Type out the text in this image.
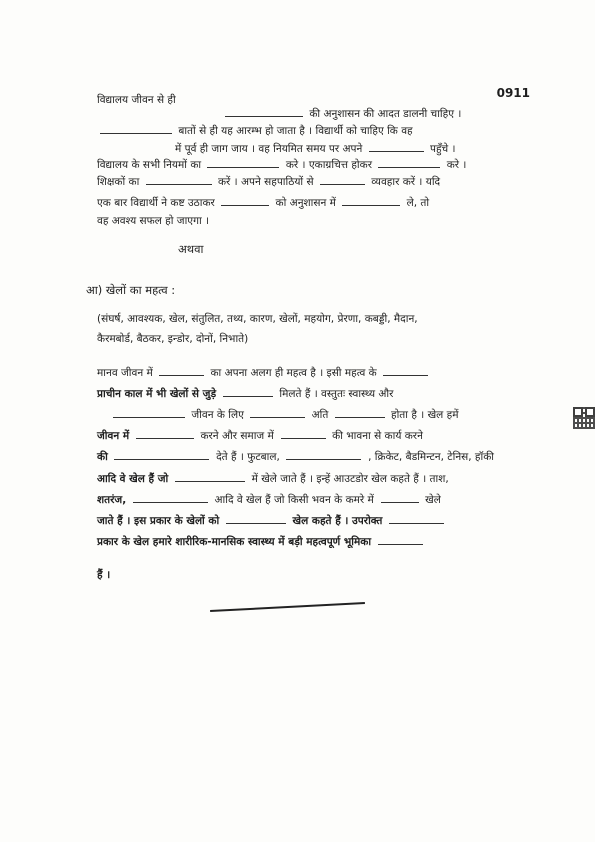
0911
विद्यालय जीवन से ही
की अनुशासन की आदत डालनी चाहिए ।
बातों से ही यह आरम्भ हो जाता है । विद्यार्थी को चाहिए कि वह
में पूर्व ही जाग जाय । वह नियमित समय पर अपने	पहुँचे ।
विद्यालय के सभी नियमों का	करे । एकाग्रचित्त होकर	करे ।
शिक्षकों का	करें । अपने सहपाठियों से	व्यवहार करें । यदि
एक बार विद्यार्थी ने कष्ट उठाकर	को अनुशासन में	ले, तो
वह अवश्य सफल हो जाएगा ।
अथवा
आ) खेलों का महत्व :
(संघर्ष, आवश्यक, खेल, संतुलित, तथ्य, कारण, खेलों, महयोग, प्रेरणा, कबड्डी, मैदान,
कैरमबोर्ड, बैठकर, इन्डोर, दोनों, निभाते)
मानव जीवन में	का अपना अलग ही महत्व है । इसी महत्व के
प्राचीन काल में भी खेलों से जुड़े	मिलते हैं । वस्तुतः स्वास्थ्य और
जीवन के लिए	अति	होता है । खेल हमें
जीवन में	करने और समाज में	की भावना से कार्य करने
की	देते हैं । फुटबाल,	, क्रिकेट, बैडमिन्टन, टेनिस, हॉकी
आदि वे खेल हैं जो	में खेले जाते हैं । इन्हें आउटडोर खेल कहते हैं । ताश,
शतरंज,	आदि वे खेल हैं जो किसी भवन के कमरे में	खेले
जाते हैं । इस प्रकार के खेलों को	खेल कहते हैं । उपरोक्त
प्रकार के खेल हमारे शारीरिक-मानसिक स्वास्थ्य में बड़ी महत्वपूर्ण भूमिका
हैं ।
